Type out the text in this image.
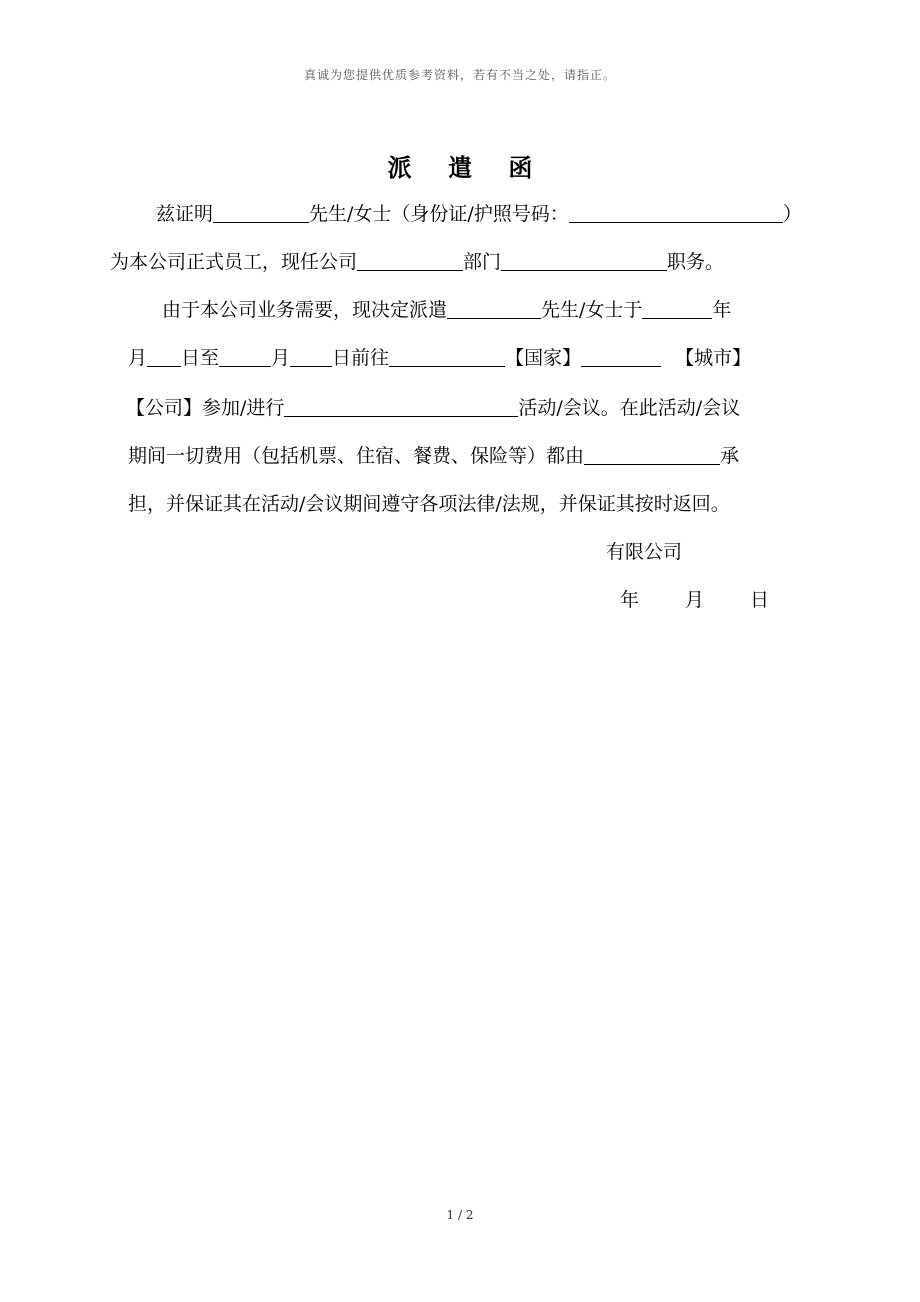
真诚为您提供优质参考资料，若有不当之处，请指正。
派 遣 函
兹证明	先生/女士（身份证/护照号码：	）
为本公司正式员工，现任公司	部门	职务。
由于本公司业务需要，现决定派遣	先生/女士于	年
月 日至	月 日前往	【国家】	【城市】
【公司】参加/进行	活动/会议。在此活动/会议
期间一切费用（包括机票、住宿、餐费、保险等）都由	承
担，并保证其在活动/会议期间遵守各项法律/法规，并保证其按时返回。
有限公司
年 月 日
1 / 2
